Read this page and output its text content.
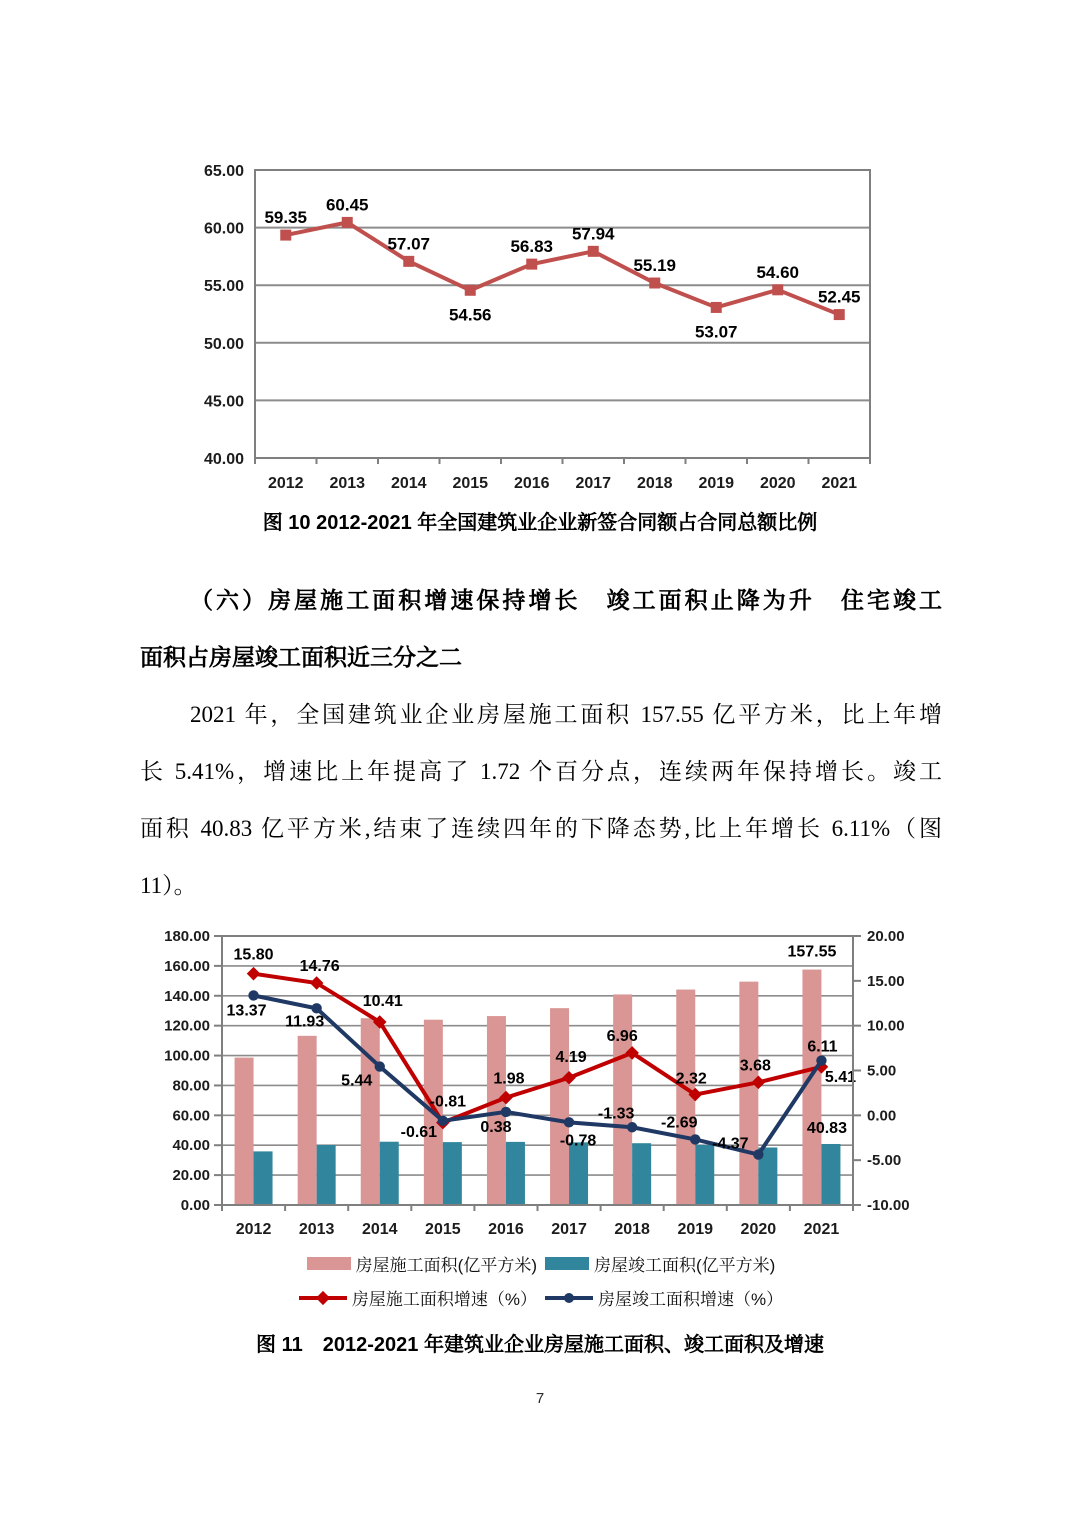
65.00
60.00
55.00
50.00
45.00
40.00
2012 2013 2014 2015 2016 2017 2018 2019 2020 2021
59.35
60.45
57.07
54.56
56.83
57.94
55.19
53.07
54.60
52.45
图 10 2012-2021 年全国建筑业企业新签合同额占合同总额比例
（六）房屋施工面积增速保持增长　竣工面积止降为升　住宅竣工
面积占房屋竣工面积近三分之二
2021 年，全国建筑业企业房屋施工面积 157.55 亿平方米，比上年增
长 5.41%，增速比上年提高了 1.72 个百分点，连续两年保持增长。竣工
面积 40.83 亿平方米,结束了连续四年的下降态势,比上年增长 6.11%（图
11）。
180.00
160.00
140.00
120.00
100.00
80.00
60.00
40.00
20.00
0.00
157.55
40.83
15.80
14.76
10.41
-0.81
1.98
4.19
6.96
2.32
3.68
5.41
13.37
11.93
5.44
-0.61	0.38
-0.78
-1.33
-2.69
-4.37
6.11
2012 2013 2014 2015 2016 2017 2018 2019 2020 2021
20.00
15.00
10.00
5.00
0.00
-5.00
-10.00
房屋施工面积(亿平方米)	房屋竣工面积(亿平方米)
房屋施工面积增速（%）	房屋竣工面积增速（%）
图 11　2012-2021 年建筑业企业房屋施工面积、竣工面积及增速
7
